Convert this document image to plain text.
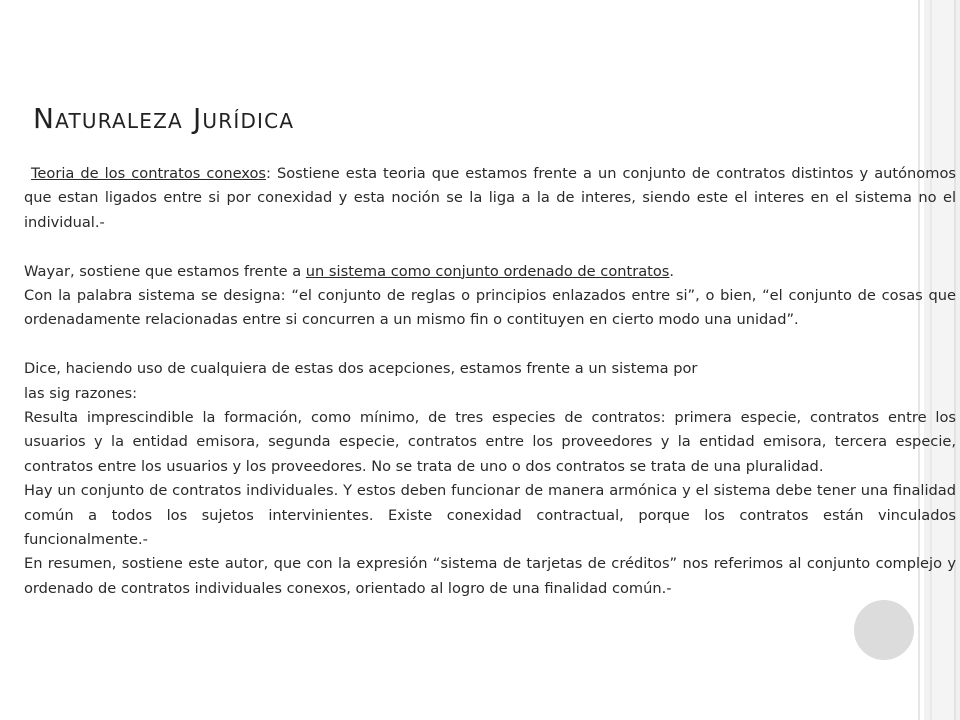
Naturaleza Jurídica

Teoria de los contratos conexos: Sostiene esta teoria que estamos frente a un conjunto de contratos distintos y autónomos que estan ligados entre si por conexidad y esta noción se la liga a la de interes, siendo este el interes en el sistema no el individual.-

Wayar, sostiene que estamos frente a un sistema como conjunto ordenado de contratos.

Con la palabra sistema se designa: “el conjunto de reglas o principios enlazados entre si”, o bien, “el conjunto de cosas que ordenadamente relacionadas entre si concurren a un mismo fin o contituyen en cierto modo una unidad”.

Dice, haciendo uso de cualquiera de estas dos acepciones, estamos frente a un sistema por

las sig razones:

Resulta imprescindible la formación, como mínimo, de tres especies de contratos: primera especie, contratos entre los usuarios y la entidad emisora, segunda especie, contratos entre los proveedores y la entidad emisora, tercera especie, contratos entre los usuarios y los proveedores. No se trata de uno o dos contratos se trata de una pluralidad.

Hay un conjunto de contratos individuales. Y estos deben funcionar de manera armónica y el sistema debe tener una finalidad común a todos los sujetos intervinientes. Existe conexidad contractual, porque los contratos están vinculados funcionalmente.-

En resumen, sostiene este autor, que con la expresión “sistema de tarjetas de créditos” nos referimos al conjunto complejo y ordenado de contratos individuales conexos, orientado al logro de una finalidad común.-
